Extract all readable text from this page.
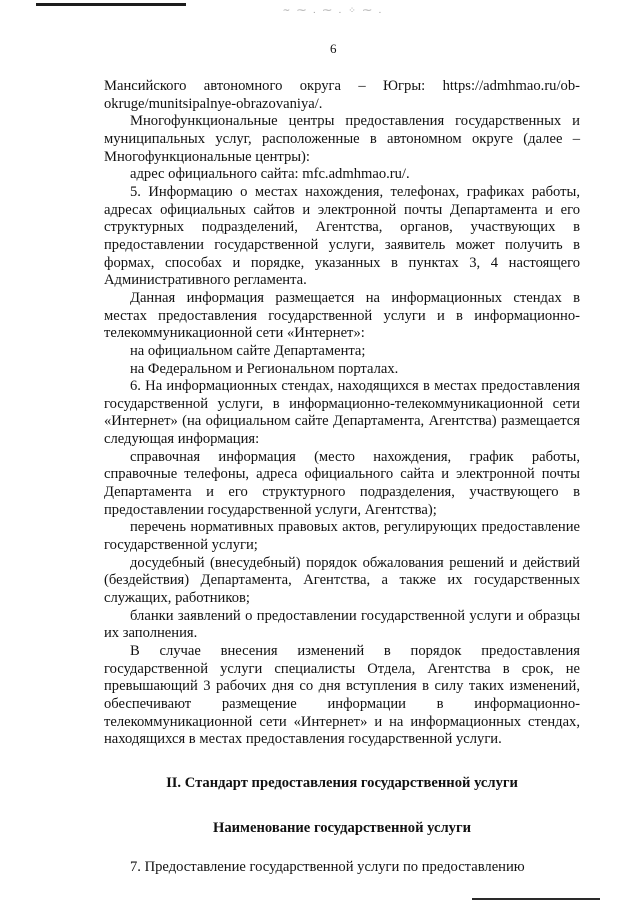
~ ⁓ . ⁓ . ⁘ ⁓ .
6

Мансийского автономного округа – Югры: https://admhmao.ru/ob-okruge/munitsipalnye-obrazovaniya/.

Многофункциональные центры предоставления государственных и муниципальных услуг, расположенные в автономном округе (далее – Многофункциональные центры):

адрес официального сайта: mfc.admhmao.ru/.

5. Информацию о местах нахождения, телефонах, графиках работы, адресах официальных сайтов и электронной почты Департамента и его структурных подразделений, Агентства, органов, участвующих в предоставлении государственной услуги, заявитель может получить в формах, способах и порядке, указанных в пунктах 3, 4 настоящего Административного регламента.

Данная информация размещается на информационных стендах в местах предоставления государственной услуги и в информационно-телекоммуникационной сети «Интернет»:

на официальном сайте Департамента;

на Федеральном и Региональном порталах.

6. На информационных стендах, находящихся в местах предоставления государственной услуги, в информационно-телекоммуникационной сети «Интернет» (на официальном сайте Департамента, Агентства) размещается следующая информация:

справочная информация (место нахождения, график работы, справочные телефоны, адреса официального сайта и электронной почты Департамента и его структурного подразделения, участвующего в предоставлении государственной услуги, Агентства);

перечень нормативных правовых актов, регулирующих предоставление государственной услуги;

досудебный (внесудебный) порядок обжалования решений и действий (бездействия) Департамента, Агентства, а также их государственных служащих, работников;

бланки заявлений о предоставлении государственной услуги и образцы их заполнения.

В случае внесения изменений в порядок предоставления государственной услуги специалисты Отдела, Агентства в срок, не превышающий 3 рабочих дня со дня вступления в силу таких изменений, обеспечивают размещение информации в информационно-телекоммуникационной сети «Интернет» и на информационных стендах, находящихся в местах предоставления государственной услуги.

II. Стандарт предоставления государственной услуги

Наименование государственной услуги

7. Предоставление государственной услуги по предоставлению
